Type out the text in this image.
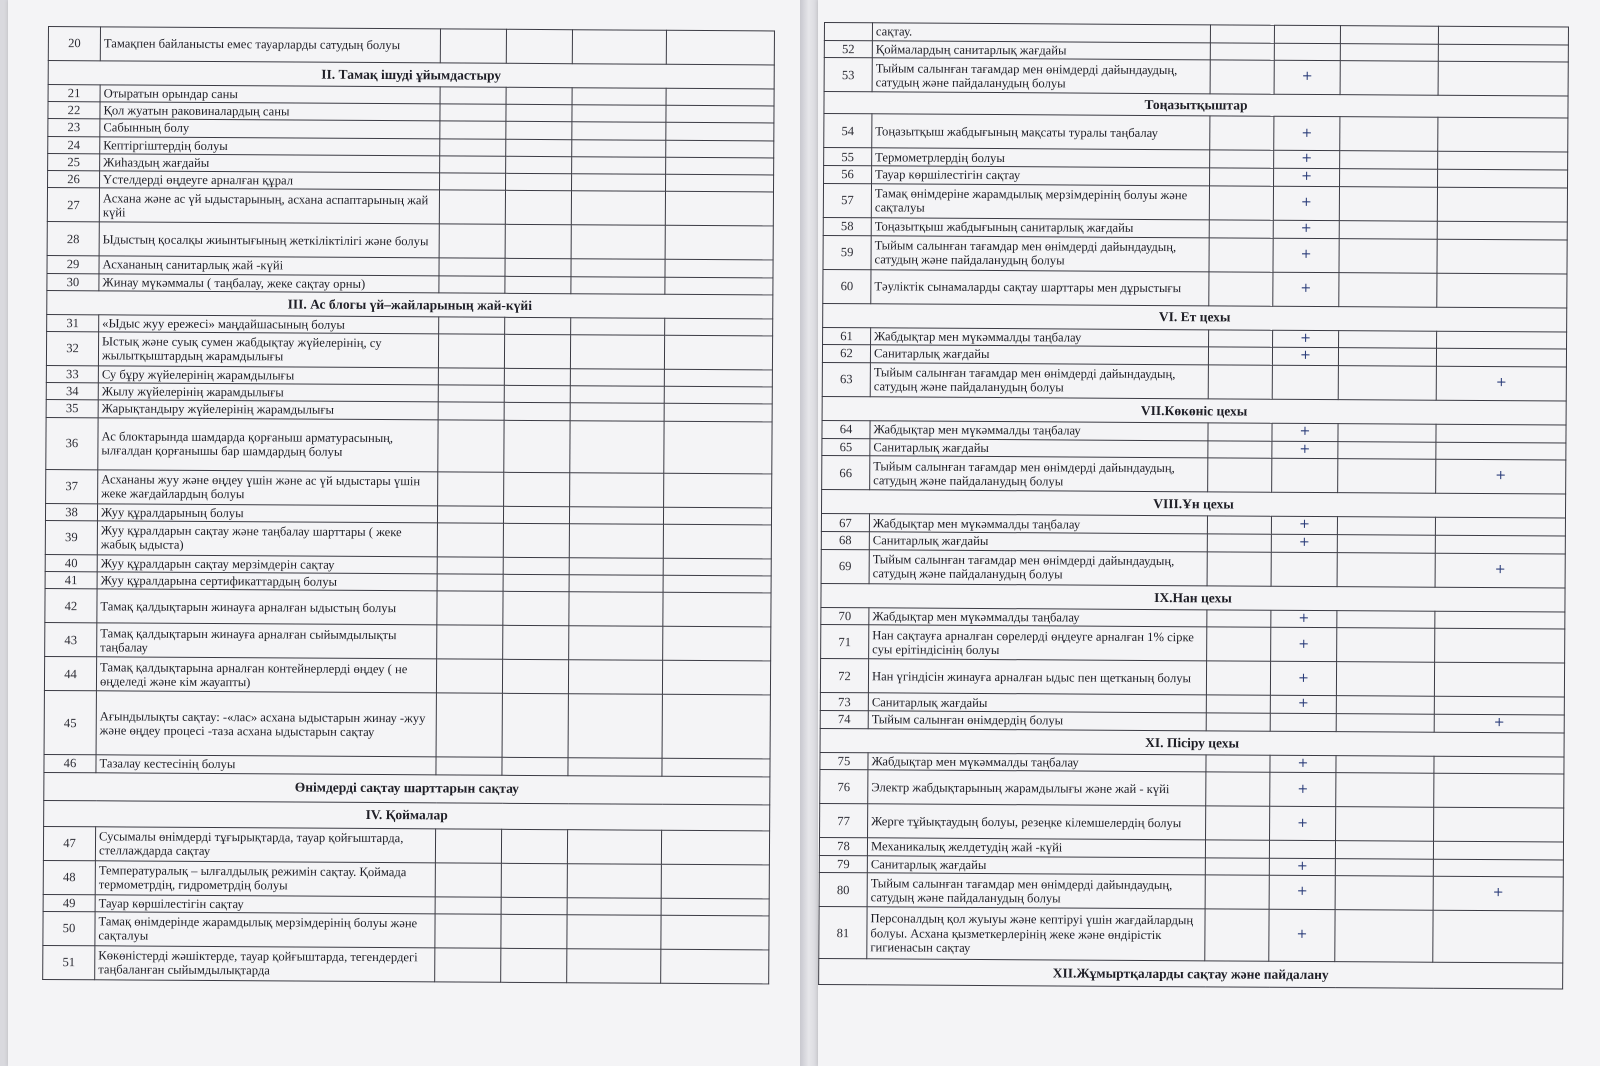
20	Тамақпен байланысты емес тауарларды сатудың болуы				
II. Тамақ ішуді ұйымдастыру					
21	Отыратын орындар саны				
22	Қол жуатын раковиналардың саны				
23	Сабынның болу				
24	Кептіргіштердің болуы				
25	Жиһаздың жағдайы				
26	Үстелдерді өңдеуге арналған құрал				
27	Асхана және ас үй ыдыстарының, асхана аспаптарының жай күйі				
28	Ыдыстың қосалқы жиынтығының жеткіліктілігі және болуы				
29	Асхананың санитарлық жай -күйі				
30	Жинау мүкәммалы ( таңбалау, жеке сақтау орны)				
III. Ас блогы үй–жайларының жай-күйі					
31	«Ыдыс жуу ережесі» маңдайшасының болуы				
32	Ыстық және суық сумен жабдықтау жүйелерінің, су жылытқыштардың жарамдылығы				
33	Су бұру жүйелерінің жарамдылығы				
34	Жылу жүйелерінің жарамдылығы				
35	Жарықтандыру жүйелерінің жарамдылығы				
36	Ас блоктарында шамдарда қорғаныш арматурасының, ылғалдан қорғанышы бар шамдардың болуы				
37	Асхананы жуу және өңдеу үшін және ас үй ыдыстары үшін жеке жағдайлардың болуы				
38	Жуу құралдарының болуы				
39	Жуу құралдарын сақтау және таңбалау шарттары ( жеке жабық ыдыста)				
40	Жуу құралдарын сақтау мерзімдерін сақтау				
41	Жуу құралдарына сертификаттардың болуы				
42	Тамақ қалдықтарын жинауға арналған ыдыстың болуы				
43	Тамақ қалдықтарын жинауға арналған сыйымдылықты таңбалау				
44	Тамақ қалдықтарына арналған контейнерлерді өңдеу ( не өңделеді және кім жауапты)				
45	Ағындылықты сақтау: -«лас» асхана ыдыстарын жинау -жуу және өңдеу процесі -таза асхана ыдыстарын сақтау				
46	Тазалау кестесінің болуы				
Өнімдерді сақтау шарттарын сақтау					
IV. Қоймалар					
47	Сусымалы өнімдерді тұғырықтарда, тауар қойғыштарда, стеллаждарда сақтау				
48	Температуралық – ылғалдылық режимін сақтау. Қоймада термометрдің, гидрометрдің болуы				
49	Тауар көршілестігін сақтау				
50	Тамақ өнімдерінде жарамдылық мерзімдерінің болуы және сақталуы				
51	Көкөністерді жәшіктерде, тауар қойғыштарда, тегендердегі таңбаланған сыйымдылықтарда				
	сақтау.				
52	Қоймалардың санитарлық жағдайы				
53	Тыйым салынған тағамдар мен өнімдерді дайындаудың, сатудың және пайдаланудың болуы		+		
Тоңазытқыштар					
54	Тоңазытқыш жабдығының мақсаты туралы таңбалау		+		
55	Термометрлердің болуы		+		
56	Тауар көршілестігін сақтау		+		
57	Тамақ өнімдеріне жарамдылық мерзімдерінің болуы және сақталуы		+		
58	Тоңазытқыш жабдығының санитарлық жағдайы		+		
59	Тыйым салынған тағамдар мен өнімдерді дайындаудың, сатудың және пайдаланудың болуы		+		
60	Тәуліктік сынамаларды сақтау шарттары мен дұрыстығы		+		
VI. Ет цехы					
61	Жабдықтар мен мүкәммалды таңбалау		+		
62	Санитарлық жағдайы		+		
63	Тыйым салынған тағамдар мен өнімдерді дайындаудың, сатудың және пайдаланудың болуы				+
VII.Көкөніс цехы					
64	Жабдықтар мен мүкәммалды таңбалау		+		
65	Санитарлық жағдайы		+		
66	Тыйым салынған тағамдар мен өнімдерді дайындаудың, сатудың және пайдаланудың болуы				+
VIII.Ұн цехы					
67	Жабдықтар мен мүкәммалды таңбалау		+		
68	Санитарлық жағдайы		+		
69	Тыйым салынған тағамдар мен өнімдерді дайындаудың, сатудың және пайдаланудың болуы				+
IX.Нан цехы					
70	Жабдықтар мен мүкәммалды таңбалау		+		
71	Нан сақтауға арналған сөрелерді өңдеуге арналған 1% сірке суы ерітіндісінің болуы		+		
72	Нан үгіндісін жинауға арналған ыдыс пен щетканың болуы		+		
73	Санитарлық жағдайы		+		
74	Тыйым салынған өнімдердің болуы				+
XI. Пісіру цехы					
75	Жабдықтар мен мүкәммалды таңбалау		+		
76	Электр жабдықтарының жарамдылығы және жай - күйі		+		
77	Жерге тұйықтаудың болуы, резеңке кілемшелердің болуы		+		
78	Механикалық желдетудің жай -күйі				
79	Санитарлық жағдайы		+		
80	Тыйым салынған тағамдар мен өнімдерді дайындаудың, сатудың және пайдаланудың болуы		+		+
81	Персоналдың қол жуыуы және кептіруі үшін жағдайлардың болуы. Асхана қызметкерлерінің жеке және өндірістік гигиенасын сақтау		+		
XII.Жұмыртқаларды сақтау және пайдалану					
